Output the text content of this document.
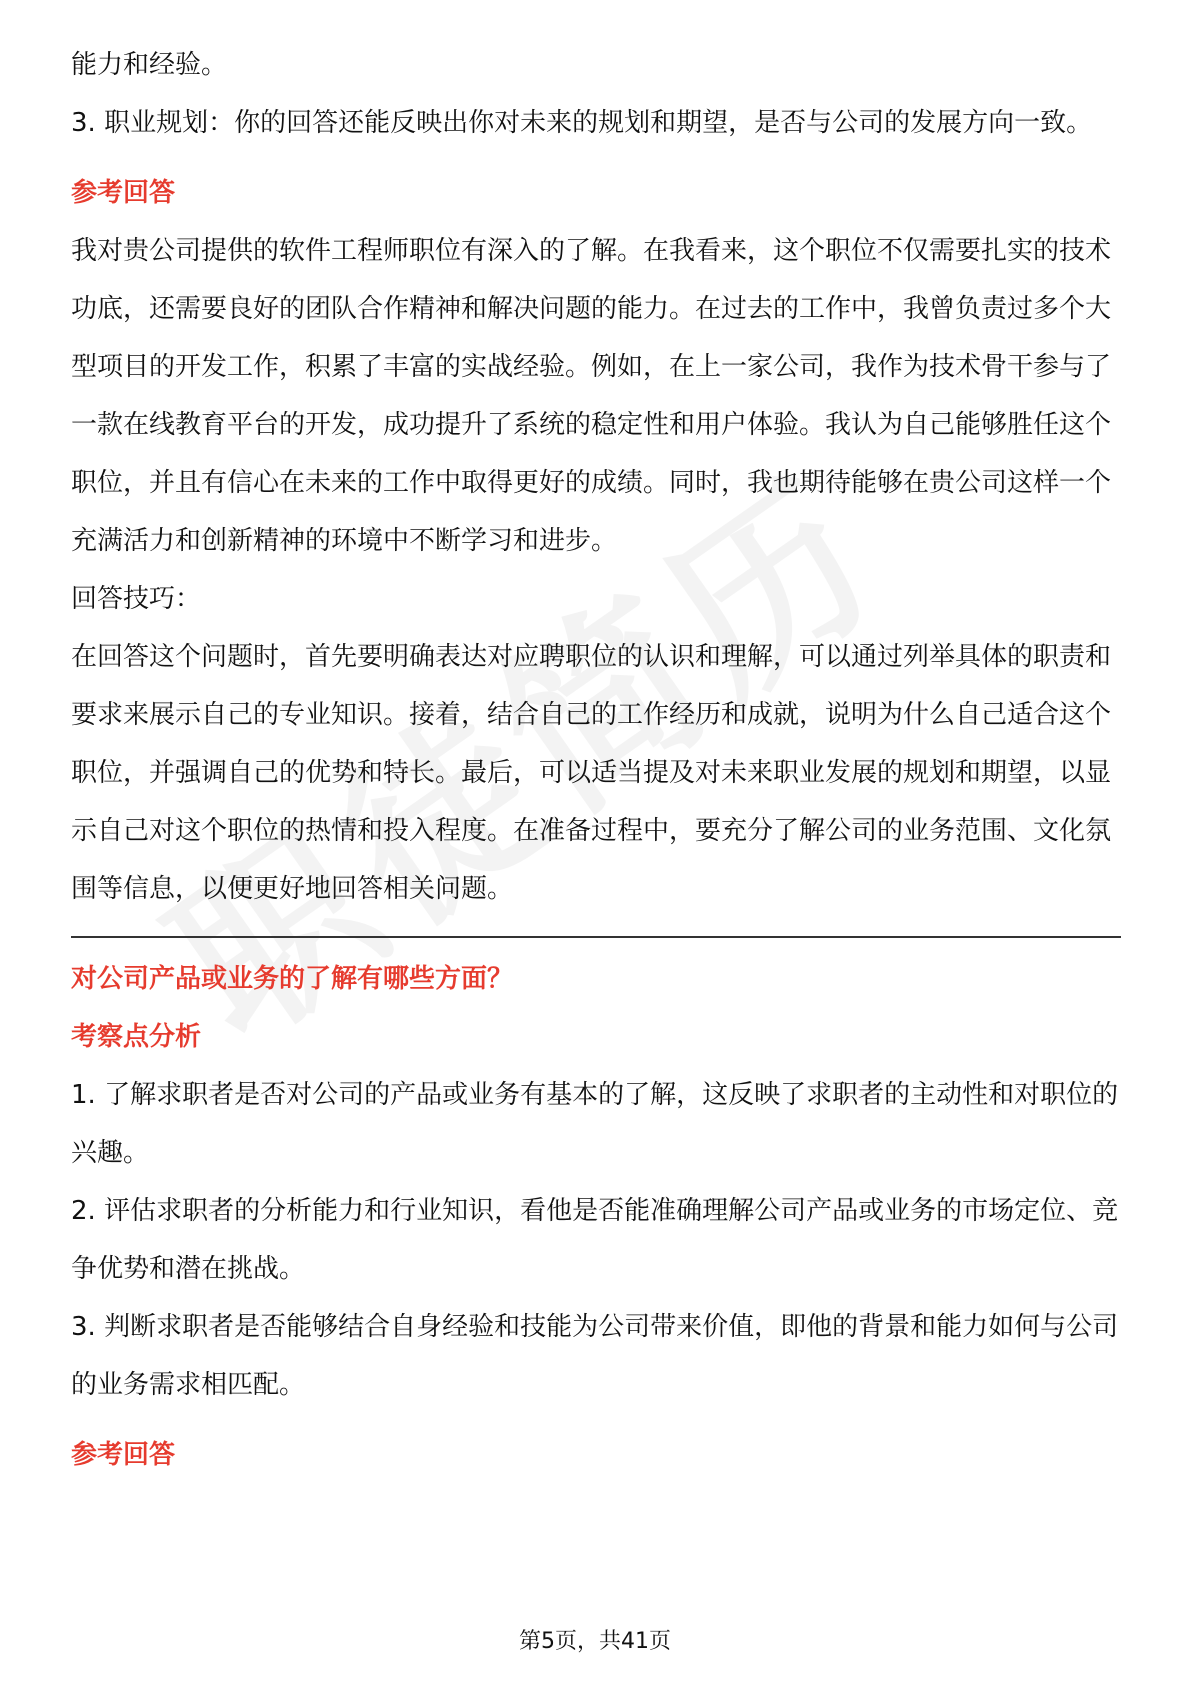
能力和经验。

3. 职业规划：你的回答还能反映出你对未来的规划和期望，是否与公司的发展方向一致。

参考回答

我对贵公司提供的软件工程师职位有深入的了解。在我看来，这个职位不仅需要扎实的技术功底，还需要良好的团队合作精神和解决问题的能力。在过去的工作中，我曾负责过多个大型项目的开发工作，积累了丰富的实战经验。例如，在上一家公司，我作为技术骨干参与了一款在线教育平台的开发，成功提升了系统的稳定性和用户体验。我认为自己能够胜任这个职位，并且有信心在未来的工作中取得更好的成绩。同时，我也期待能够在贵公司这样一个充满活力和创新精神的环境中不断学习和进步。

回答技巧：

在回答这个问题时，首先要明确表达对应聘职位的认识和理解，可以通过列举具体的职责和要求来展示自己的专业知识。接着，结合自己的工作经历和成就，说明为什么自己适合这个职位，并强调自己的优势和特长。最后，可以适当提及对未来职业发展的规划和期望，以显示自己对这个职位的热情和投入程度。在准备过程中，要充分了解公司的业务范围、文化氛围等信息，以便更好地回答相关问题。

对公司产品或业务的了解有哪些方面？

考察点分析

1. 了解求职者是否对公司的产品或业务有基本的了解，这反映了求职者的主动性和对职位的兴趣。

2. 评估求职者的分析能力和行业知识，看他是否能准确理解公司产品或业务的市场定位、竞争优势和潜在挑战。

3. 判断求职者是否能够结合自身经验和技能为公司带来价值，即他的背景和能力如何与公司的业务需求相匹配。

参考回答

第5页，共41页
